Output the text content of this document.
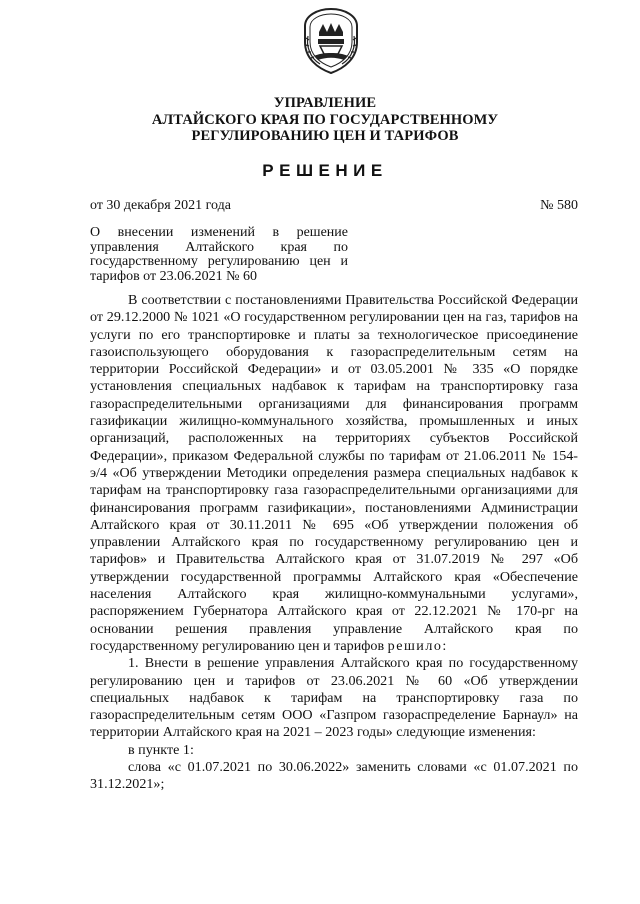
УПРАВЛЕНИЕ
АЛТАЙСКОГО КРАЯ ПО ГОСУДАРСТВЕННОМУ
РЕГУЛИРОВАНИЮ ЦЕН И ТАРИФОВ
РЕШЕНИЕ
от 30 декабря 2021 года	№ 580
О внесении изменений в решение управления Алтайского края по государственному регулированию цен и тарифов от 23.06.2021 № 60

В соответствии с постановлениями Правительства Российской Федерации от 29.12.2000 № 1021 «О государственном регулировании цен на газ, тарифов на услуги по его транспортировке и платы за технологическое присоединение газоиспользующего оборудования к газораспределительным сетям на территории Российской Федерации» и от 03.05.2001 № 335 «О порядке установления специальных надбавок к тарифам на транспортировку газа газораспределительными организациями для финансирования программ газификации жилищно-коммунального хозяйства, промышленных и иных организаций, расположенных на территориях субъектов Российской Федерации», приказом Федеральной службы по тарифам от 21.06.2011 № 154-э/4 «Об утверждении Методики определения размера специальных надбавок к тарифам на транспортировку газа газораспределительными организациями для финансирования программ газификации», постановлениями Администрации Алтайского края от 30.11.2011 № 695 «Об утверждении положения об управлении Алтайского края по государственному регулированию цен и тарифов» и Правительства Алтайского края от 31.07.2019 № 297 «Об утверждении государственной программы Алтайского края «Обеспечение населения Алтайского края жилищно-коммунальными услугами», распоряжением Губернатора Алтайского края от 22.12.2021 № 170-рг на основании решения правления управление Алтайского края по государственному регулированию цен и тарифов решило:

1. Внести в решение управления Алтайского края по государственному регулированию цен и тарифов от 23.06.2021 № 60 «Об утверждении специальных надбавок к тарифам на транспортировку газа по газораспределительным сетям ООО «Газпром газораспределение Барнаул» на территории Алтайского края на 2021 – 2023 годы» следующие изменения:

в пункте 1:

слова «с 01.07.2021 по 30.06.2022» заменить словами «с 01.07.2021 по 31.12.2021»;
